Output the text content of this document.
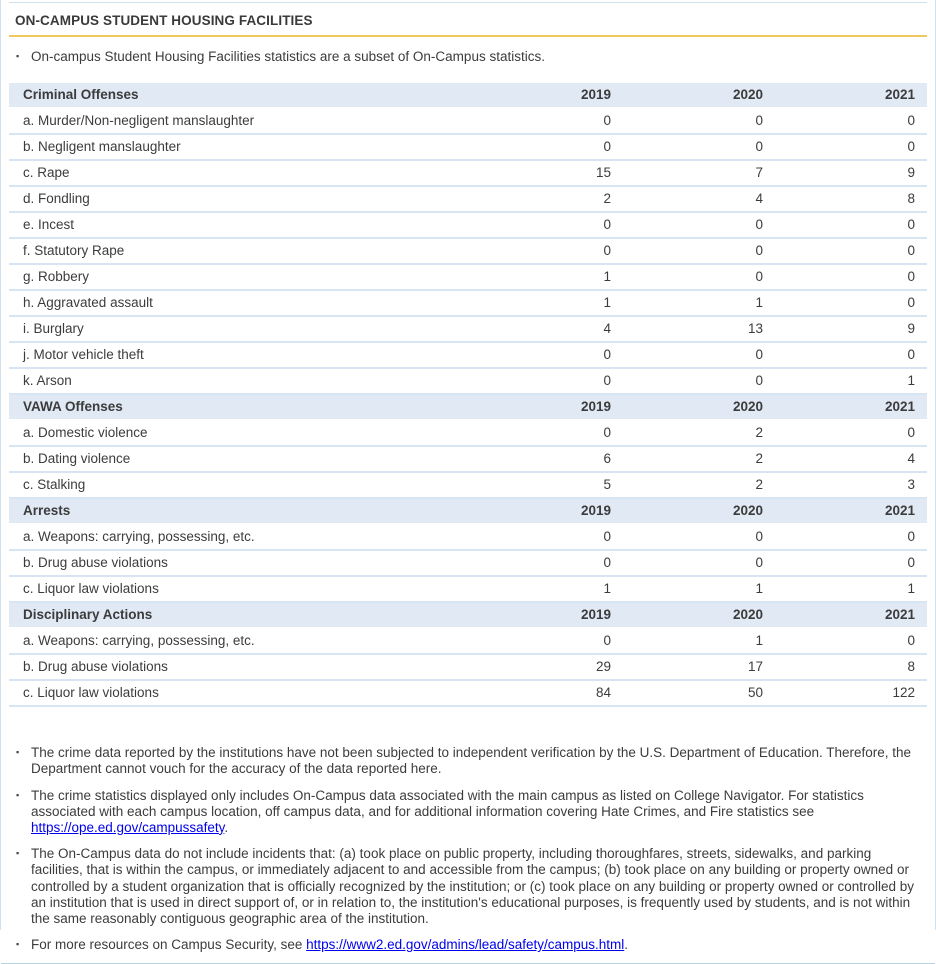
ON-CAMPUS STUDENT HOUSING FACILITIES
▪ On-campus Student Housing Facilities statistics are a subset of On-Campus statistics.
Criminal Offenses	2019	2020	2021
a. Murder/Non-negligent manslaughter	0	0	0
b. Negligent manslaughter	0	0	0
c. Rape	15	7	9
d. Fondling	2	4	8
e. Incest	0	0	0
f. Statutory Rape	0	0	0
g. Robbery	1	0	0
h. Aggravated assault	1	1	0
i. Burglary	4	13	9
j. Motor vehicle theft	0	0	0
k. Arson	0	0	1
VAWA Offenses	2019	2020	2021
a. Domestic violence	0	2	0
b. Dating violence	6	2	4
c. Stalking	5	2	3
Arrests	2019	2020	2021
a. Weapons: carrying, possessing, etc.	0	0	0
b. Drug abuse violations	0	0	0
c. Liquor law violations	1	1	1
Disciplinary Actions	2019	2020	2021
a. Weapons: carrying, possessing, etc.	0	1	0
b. Drug abuse violations	29	17	8
c. Liquor law violations	84	50	122
▪ The crime data reported by the institutions have not been subjected to independent verification by the U.S. Department of Education. Therefore, the Department cannot vouch for the accuracy of the data reported here.
▪ The crime statistics displayed only includes On-Campus data associated with the main campus as listed on College Navigator. For statistics associated with each campus location, off campus data, and for additional information covering Hate Crimes, and Fire statistics see https://ope.ed.gov/campussafety.
▪ The On-Campus data do not include incidents that: (a) took place on public property, including thoroughfares, streets, sidewalks, and parking facilities, that is within the campus, or immediately adjacent to and accessible from the campus; (b) took place on any building or property owned or controlled by a student organization that is officially recognized by the institution; or (c) took place on any building or property owned or controlled by an institution that is used in direct support of, or in relation to, the institution's educational purposes, is frequently used by students, and is not within the same reasonably contiguous geographic area of the institution.
▪ For more resources on Campus Security, see https://www2.ed.gov/admins/lead/safety/campus.html.
